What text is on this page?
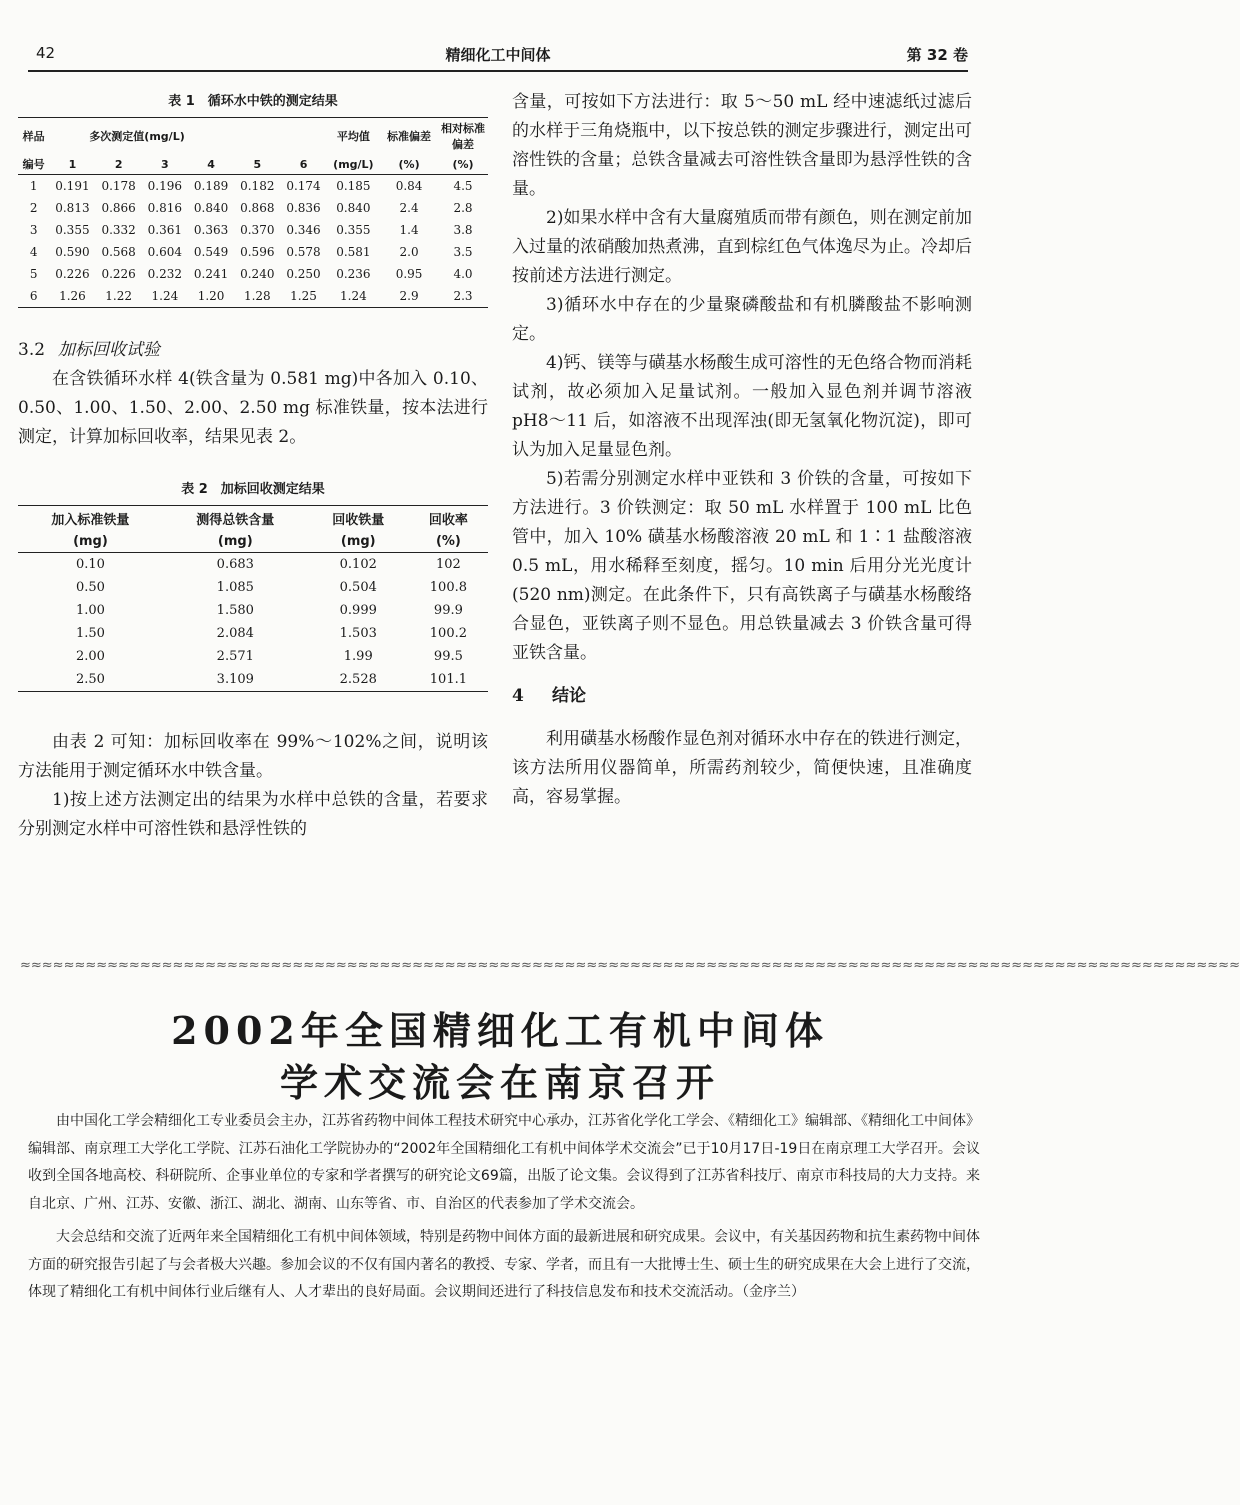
42	精细化工中间体	第 32 卷
表 1　循环水中铁的测定结果
样品	多次测定值(mg/L)						平均值	标准偏差	相对标准偏差
编号	1	2	3	4	5	6	(mg/L)	(%)	(%)
1	0.191	0.178	0.196	0.189	0.182	0.174	0.185	0.84	4.5
2	0.813	0.866	0.816	0.840	0.868	0.836	0.840	2.4	2.8
3	0.355	0.332	0.361	0.363	0.370	0.346	0.355	1.4	3.8
4	0.590	0.568	0.604	0.549	0.596	0.578	0.581	2.0	3.5
5	0.226	0.226	0.232	0.241	0.240	0.250	0.236	0.95	4.0
6	1.26	1.22	1.24	1.20	1.28	1.25	1.24	2.9	2.3
3.2 加标回收试验

在含铁循环水样 4(铁含量为 0.581 mg)中各加入 0.10、0.50、1.00、1.50、2.00、2.50 mg 标准铁量，按本法进行测定，计算加标回收率，结果见表 2。

表 2　加标回收测定结果
加入标准铁量	测得总铁含量	回收铁量	回收率
(mg)	(mg)	(mg)	(%)
0.10	0.683	0.102	102
0.50	1.085	0.504	100.8
1.00	1.580	0.999	99.9
1.50	2.084	1.503	100.2
2.00	2.571	1.99	99.5
2.50	3.109	2.528	101.1

由表 2 可知：加标回收率在 99%～102%之间，说明该方法能用于测定循环水中铁含量。

1)按上述方法测定出的结果为水样中总铁的含量，若要求分别测定水样中可溶性铁和悬浮性铁的

含量，可按如下方法进行：取 5～50 mL 经中速滤纸过滤后的水样于三角烧瓶中，以下按总铁的测定步骤进行，测定出可溶性铁的含量；总铁含量减去可溶性铁含量即为悬浮性铁的含量。

2)如果水样中含有大量腐殖质而带有颜色，则在测定前加入过量的浓硝酸加热煮沸，直到棕红色气体逸尽为止。冷却后按前述方法进行测定。

3)循环水中存在的少量聚磷酸盐和有机膦酸盐不影响测定。

4)钙、镁等与磺基水杨酸生成可溶性的无色络合物而消耗试剂，故必须加入足量试剂。一般加入显色剂并调节溶液 pH8～11 后，如溶液不出现浑浊(即无氢氧化物沉淀)，即可认为加入足量显色剂。

5)若需分别测定水样中亚铁和 3 价铁的含量，可按如下方法进行。3 价铁测定：取 50 mL 水样置于 100 mL 比色管中，加入 10% 磺基水杨酸溶液 20 mL 和 1∶1 盐酸溶液 0.5 mL，用水稀释至刻度，摇匀。10 min 后用分光光度计(520 nm)测定。在此条件下，只有高铁离子与磺基水杨酸络合显色，亚铁离子则不显色。用总铁量减去 3 价铁含量可得亚铁含量。

4 结论

利用磺基水杨酸作显色剂对循环水中存在的铁进行测定，该方法所用仪器简单，所需药剂较少，简便快速，且准确度高，容易掌握。

≈≈≈≈≈≈≈≈≈≈≈≈≈≈≈≈≈≈≈≈≈≈≈≈≈≈≈≈≈≈≈≈≈≈≈≈≈≈≈≈≈≈≈≈≈≈≈≈≈≈≈≈≈≈≈≈≈≈≈≈≈≈≈≈≈≈≈≈≈≈≈≈≈≈≈≈≈≈≈≈≈≈≈≈≈≈≈≈≈≈≈≈≈≈≈≈≈≈≈≈≈≈≈≈≈≈≈≈≈≈≈≈
2002年全国精细化工有机中间体
学术交流会在南京召开

由中国化工学会精细化工专业委员会主办，江苏省药物中间体工程技术研究中心承办，江苏省化学化工学会、《精细化工》编辑部、《精细化工中间体》编辑部、南京理工大学化工学院、江苏石油化工学院协办的“2002年全国精细化工有机中间体学术交流会”已于10月17日-19日在南京理工大学召开。会议收到全国各地高校、科研院所、企事业单位的专家和学者撰写的研究论文69篇，出版了论文集。会议得到了江苏省科技厅、南京市科技局的大力支持。来自北京、广州、江苏、安徽、浙江、湖北、湖南、山东等省、市、自治区的代表参加了学术交流会。

大会总结和交流了近两年来全国精细化工有机中间体领域，特别是药物中间体方面的最新进展和研究成果。会议中，有关基因药物和抗生素药物中间体方面的研究报告引起了与会者极大兴趣。参加会议的不仅有国内著名的教授、专家、学者，而且有一大批博士生、硕士生的研究成果在大会上进行了交流，体现了精细化工有机中间体行业后继有人、人才辈出的良好局面。会议期间还进行了科技信息发布和技术交流活动。（金序兰）
